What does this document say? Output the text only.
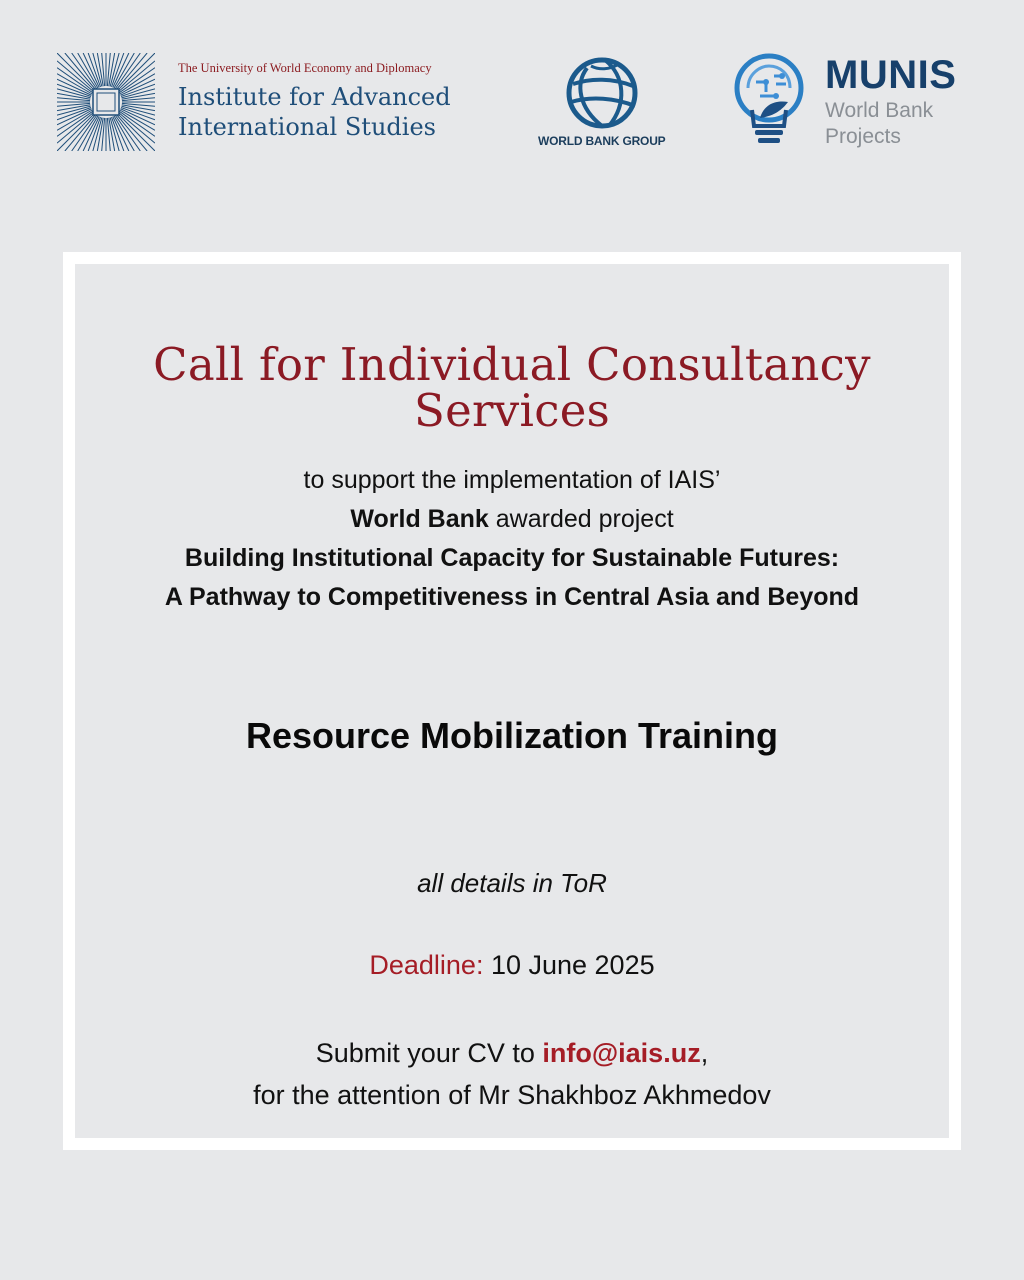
The University of World Economy and Diplomacy
Institute for Advanced
International Studies	WORLD BANK GROUP
MUNIS
World Bank
Projects
Call for Individual Consultancy
Services
to support the implementation of IAIS’
World Bank awarded project
Building Institutional Capacity for Sustainable Futures:
A Pathway to Competitiveness in Central Asia and Beyond
Resource Mobilization Training
all details in ToR
Deadline: 10 June 2025
Submit your CV to info@iais.uz,
for the attention of Mr Shakhboz Akhmedov
